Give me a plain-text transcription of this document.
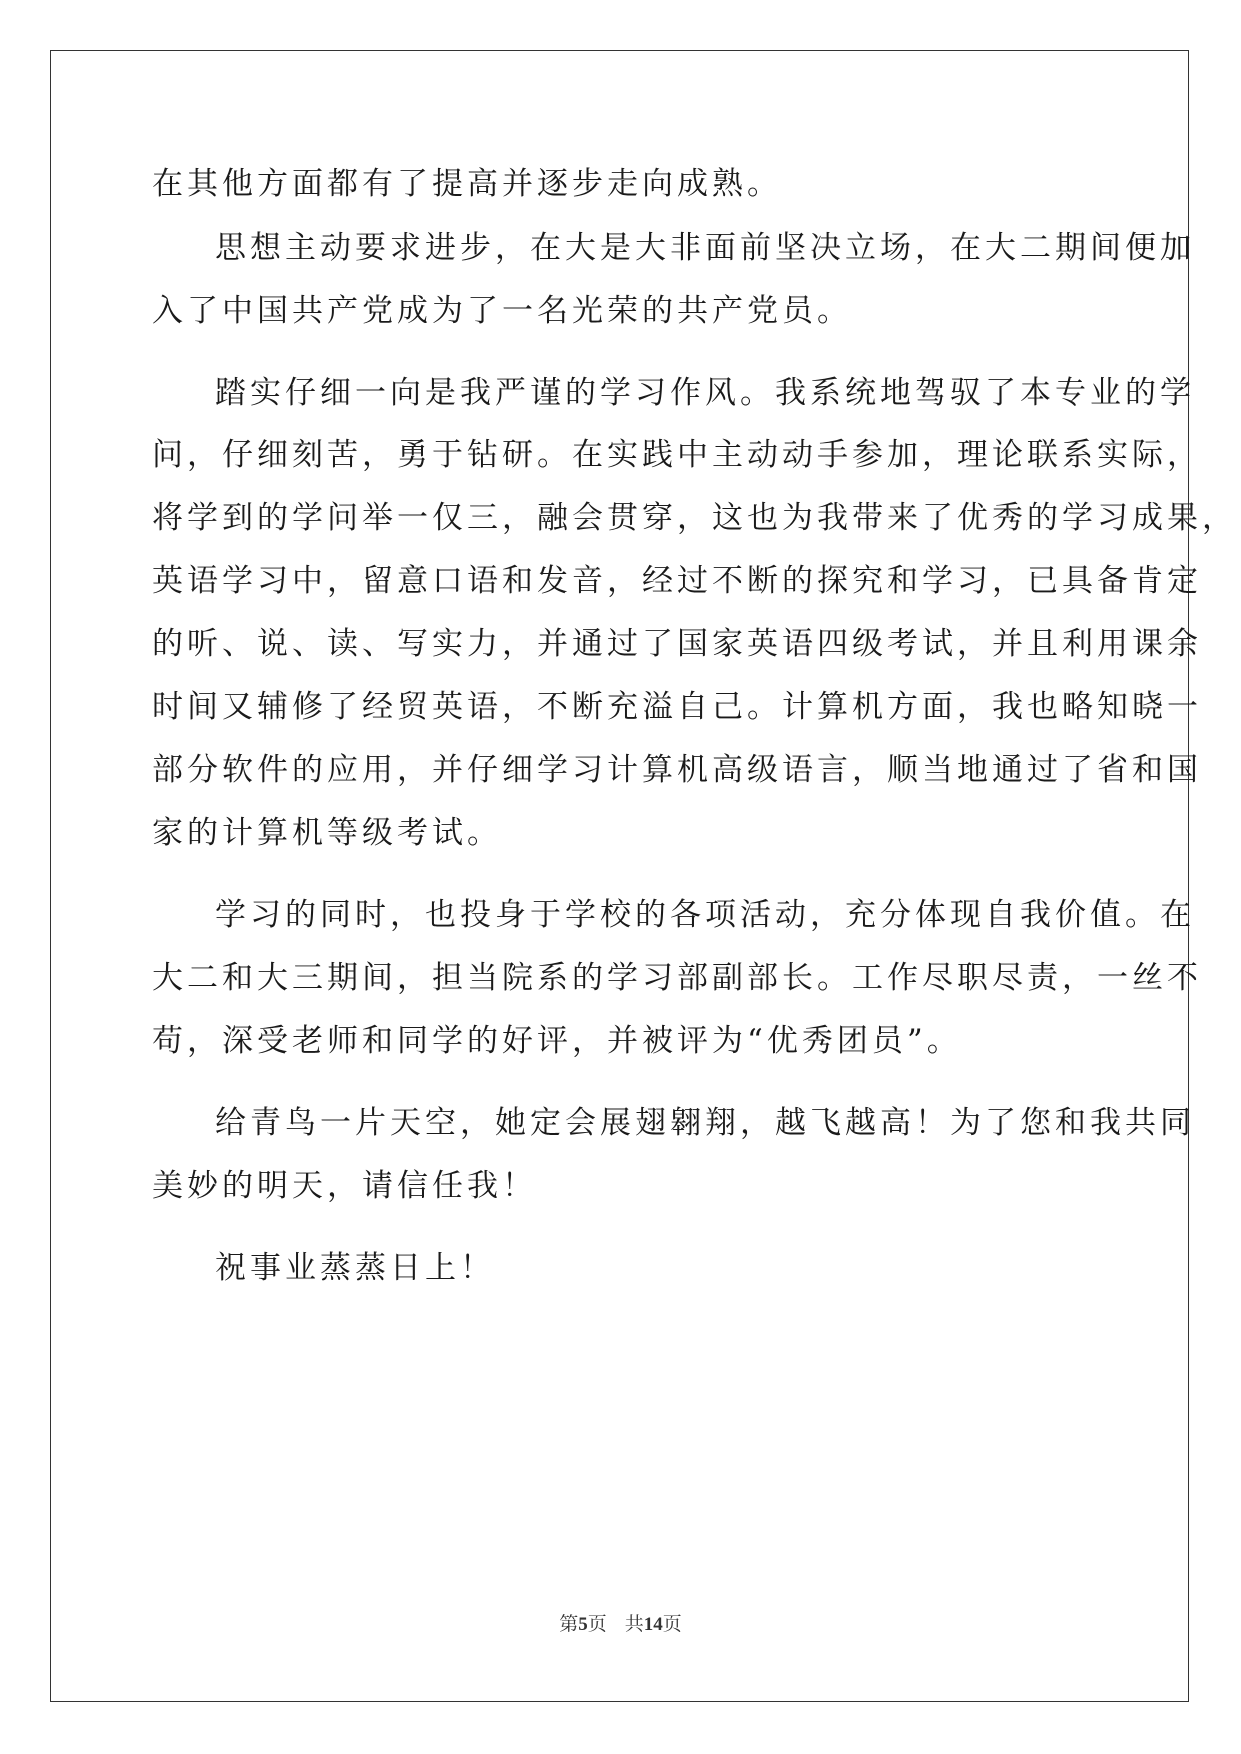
在其他方面都有了提高并逐步走向成熟。
思想主动要求进步，在大是大非面前坚决立场，在大二期间便加
入了中国共产党成为了一名光荣的共产党员。
踏实仔细一向是我严谨的学习作风。我系统地驾驭了本专业的学
问，仔细刻苦，勇于钻研。在实践中主动动手参加，理论联系实际，
将学到的学问举一仅三，融会贯穿，这也为我带来了优秀的学习成果，
英语学习中，留意口语和发音，经过不断的探究和学习，已具备肯定
的听、说、读、写实力，并通过了国家英语四级考试，并且利用课余
时间又辅修了经贸英语，不断充溢自己。计算机方面，我也略知晓一
部分软件的应用，并仔细学习计算机高级语言，顺当地通过了省和国
家的计算机等级考试。
学习的同时，也投身于学校的各项活动，充分体现自我价值。在
大二和大三期间，担当院系的学习部副部长。工作尽职尽责，一丝不
苟，深受老师和同学的好评，并被评为“优秀团员”。
给青鸟一片天空，她定会展翅翱翔，越飞越高！为了您和我共同
美妙的明天，请信任我！
祝事业蒸蒸日上！
第5页 共14页
